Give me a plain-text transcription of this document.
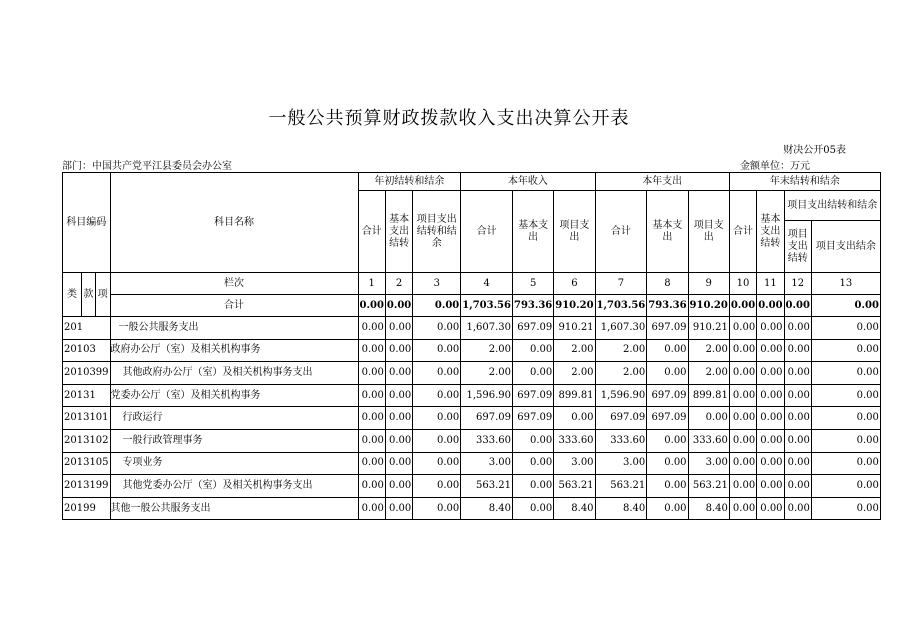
一般公共预算财政拨款收入支出决算公开表
财决公开05表
部门：中国共产党平江县委员会办公室	金额单位：万元
科目编码			科目名称	年初结转和结余			本年收入			本年支出			年末结转和结余			
				合计	基本支出结转	项目支出结转和结余	合计	基本支出	项目支出	合计	基本支出	项目支出	合计	基本支出结转	项目支出结转和结余	
															项目支出结转	项目支出结余

类	款	项	栏次	1	2	3	4	5	6	7	8	9	10	11	12	13
			合计	0.00	0.00	0.00	1,703.56	793.36	910.20	1,703.56	793.36	910.20	0.00	0.00	0.00	0.00
201			一般公共服务支出	0.00	0.00	0.00	1,607.30	697.09	910.21	1,607.30	697.09	910.21	0.00	0.00	0.00	0.00
20103			政府办公厅（室）及相关机构事务	0.00	0.00	0.00	2.00	0.00	2.00	2.00	0.00	2.00	0.00	0.00	0.00	0.00
2010399			其他政府办公厅（室）及相关机构事务支出	0.00	0.00	0.00	2.00	0.00	2.00	2.00	0.00	2.00	0.00	0.00	0.00	0.00
20131			党委办公厅（室）及相关机构事务	0.00	0.00	0.00	1,596.90	697.09	899.81	1,596.90	697.09	899.81	0.00	0.00	0.00	0.00
2013101			行政运行	0.00	0.00	0.00	697.09	697.09	0.00	697.09	697.09	0.00	0.00	0.00	0.00	0.00
2013102			一般行政管理事务	0.00	0.00	0.00	333.60	0.00	333.60	333.60	0.00	333.60	0.00	0.00	0.00	0.00
2013105			专项业务	0.00	0.00	0.00	3.00	0.00	3.00	3.00	0.00	3.00	0.00	0.00	0.00	0.00
2013199			其他党委办公厅（室）及相关机构事务支出	0.00	0.00	0.00	563.21	0.00	563.21	563.21	0.00	563.21	0.00	0.00	0.00	0.00
20199			其他一般公共服务支出	0.00	0.00	0.00	8.40	0.00	8.40	8.40	0.00	8.40	0.00	0.00	0.00	0.00
